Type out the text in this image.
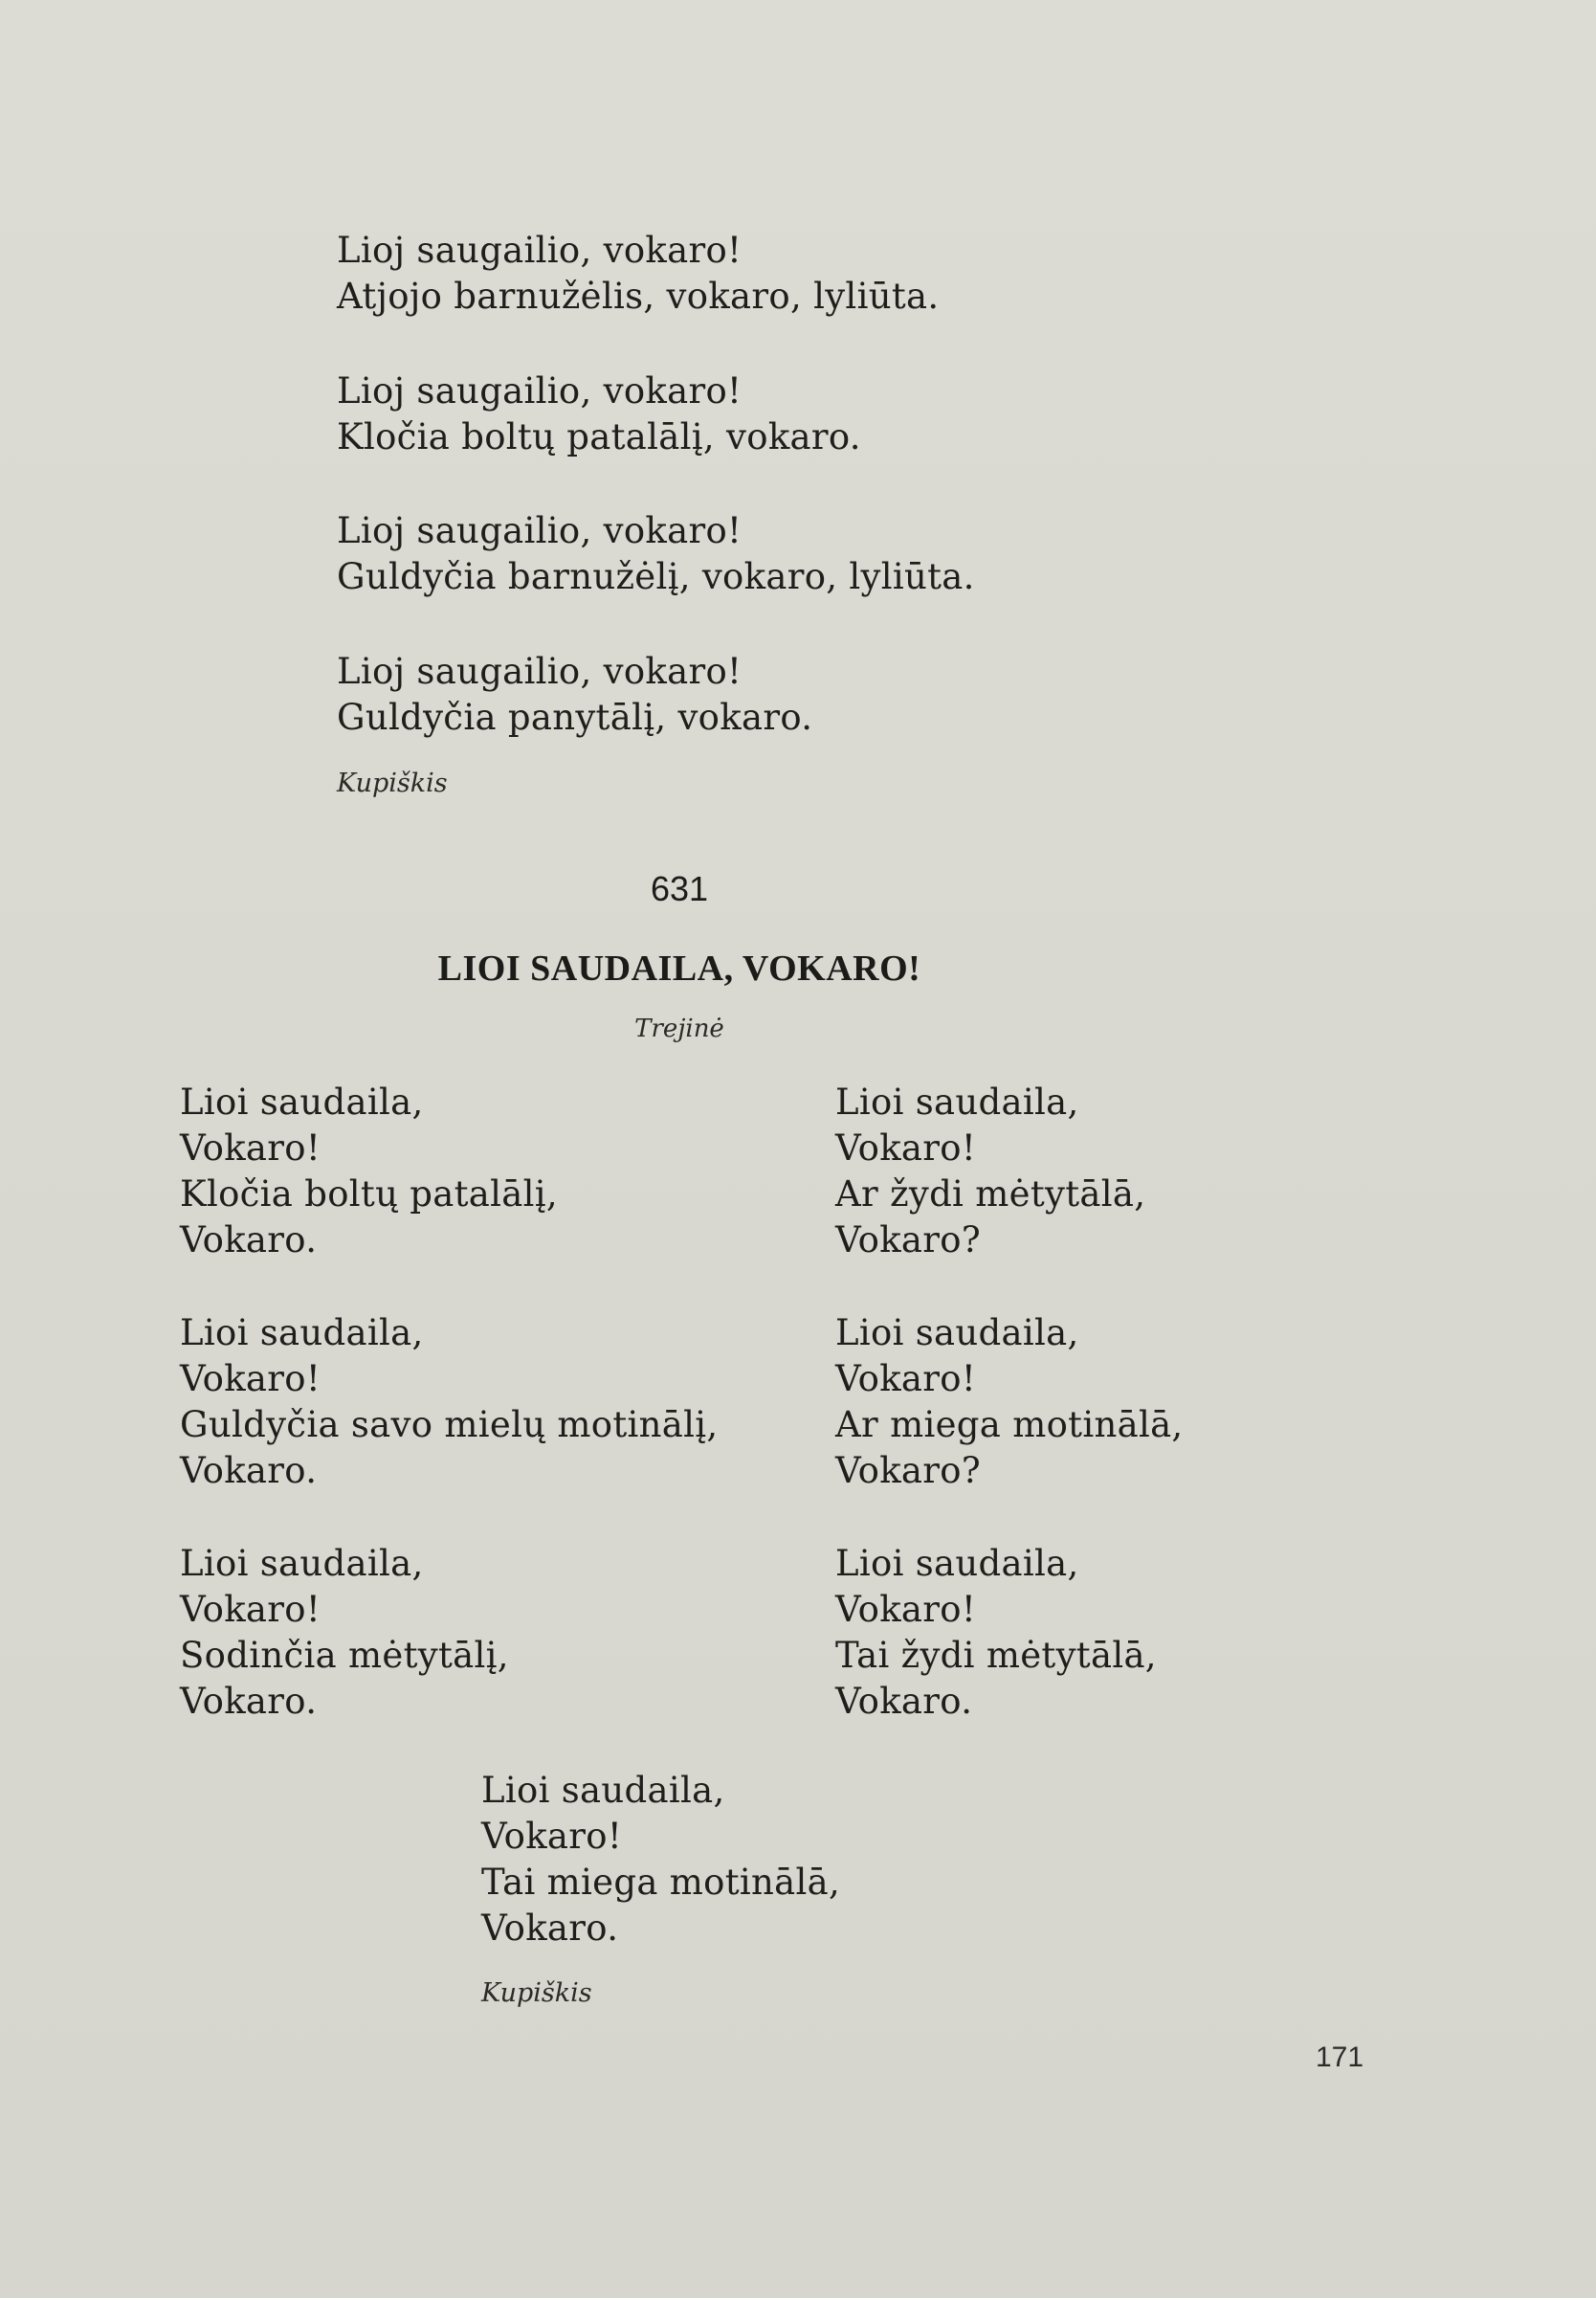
Lioj saugailio, vokaro!
Atjojo barnužėlis, vokaro, lyliūta.
Lioj saugailio, vokaro!
Kločia boltų patalālį, vokaro.
Lioj saugailio, vokaro!
Guldyčia barnužėlį, vokaro, lyliūta.
Lioj saugailio, vokaro!
Guldyčia panytālį, vokaro.
Kupiškis
631
LIOI SAUDAILA, VOKARO!
Trejinė
Lioi saudaila,
Vokaro!
Kločia boltų patalālį,
Vokaro.
Lioi saudaila,
Vokaro!
Guldyčia savo mielų motinālį,
Vokaro.
Lioi saudaila,
Vokaro!
Sodinčia mėtytālį,
Vokaro.
Lioi saudaila,
Vokaro!
Ar žydi mėtytālā,
Vokaro?
Lioi saudaila,
Vokaro!
Ar miega motinālā,
Vokaro?
Lioi saudaila,
Vokaro!
Tai žydi mėtytālā,
Vokaro.
Lioi saudaila,
Vokaro!
Tai miega motinālā,
Vokaro.
Kupiškis
171
